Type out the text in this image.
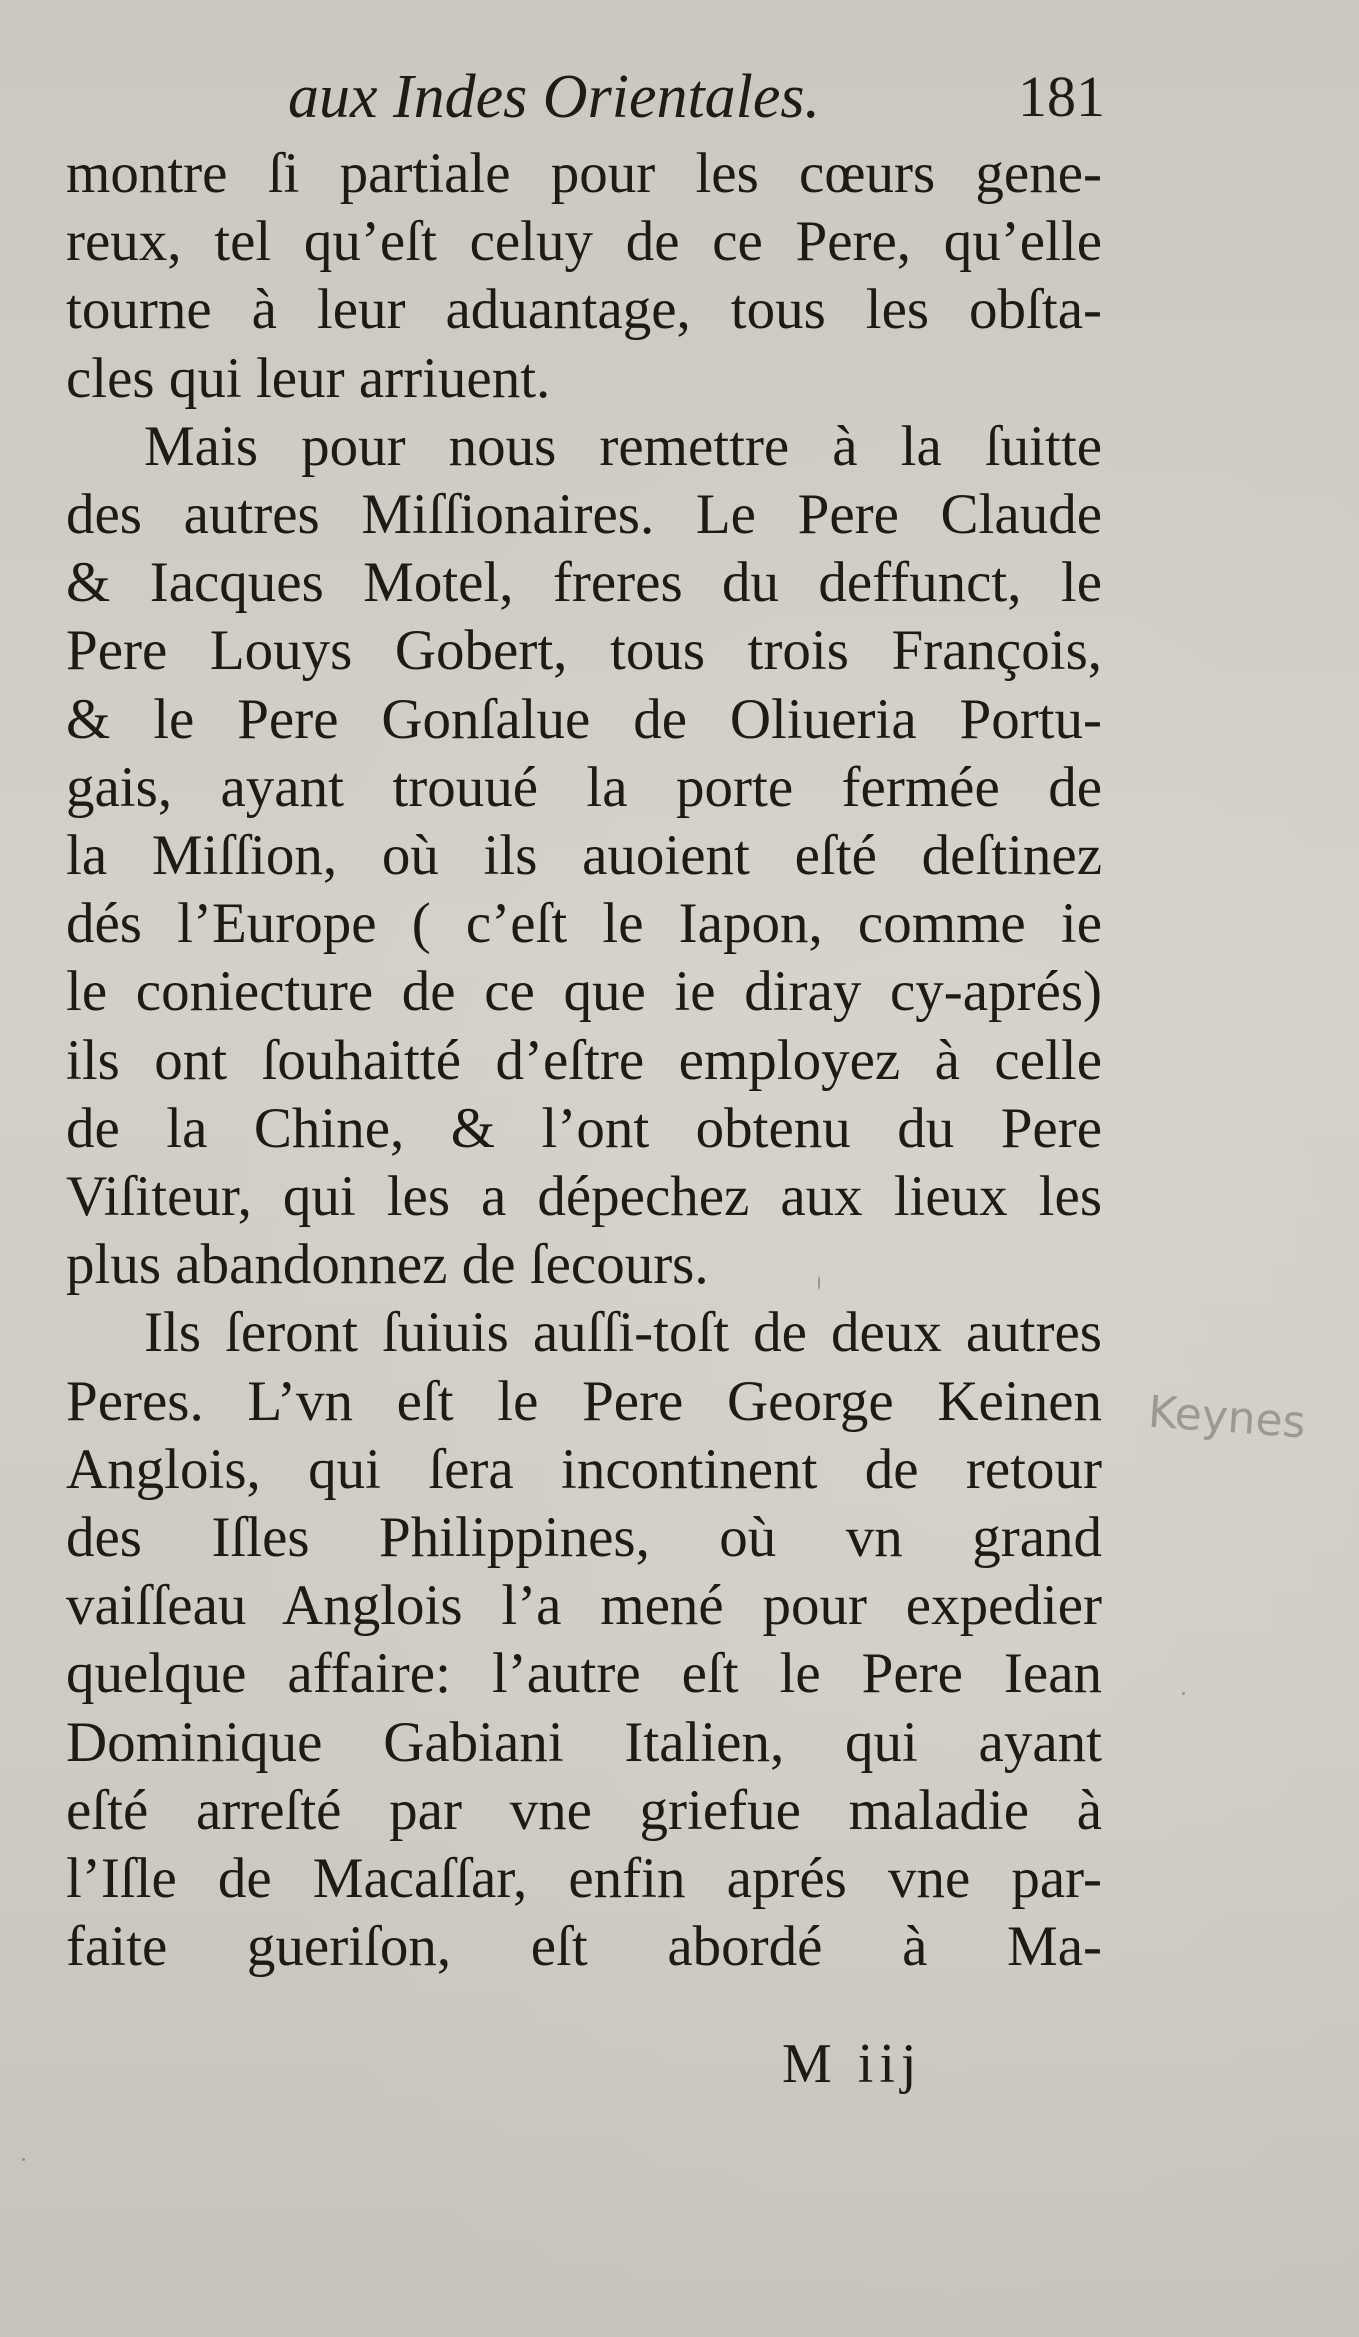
aux Indes Orientales.	181
montre ſi partiale pour les cœurs gene-
reux, tel qu’eſt celuy de ce Pere, qu’elle
tourne à leur aduantage, tous les obſta-
cles qui leur arriuent.
Mais pour nous remettre à la ſuitte
des autres Miſſionaires. Le Pere Claude
& Iacques Motel, freres du deffunct, le
Pere Louys Gobert, tous trois François,
& le Pere Gonſalue de Oliueria Portu-
gais, ayant trouué la porte fermée de
la Miſſion, où ils auoient eſté deſtinez
dés l’Europe ( c’eſt le Iapon, comme ie
le coniecture de ce que ie diray cy-aprés)
ils ont ſouhaitté d’eſtre employez à celle
de la Chine, & l’ont obtenu du Pere
Viſiteur, qui les a dépechez aux lieux les
plus abandonnez de ſecours.
Ils ſeront ſuiuis auſſi-toſt de deux autres
Peres. L’vn eſt le Pere George Keinen
Anglois, qui ſera incontinent de retour
des Iſles Philippines, où vn grand
vaiſſeau Anglois l’a mené pour expedier
quelque affaire: l’autre eſt le Pere Iean
Dominique Gabiani Italien, qui ayant
eſté arreſté par vne griefue maladie à
l’Iſle de Macaſſar, enfin aprés vne par-
faite gueriſon, eſt abordé à Ma-
M iij
Keynes
